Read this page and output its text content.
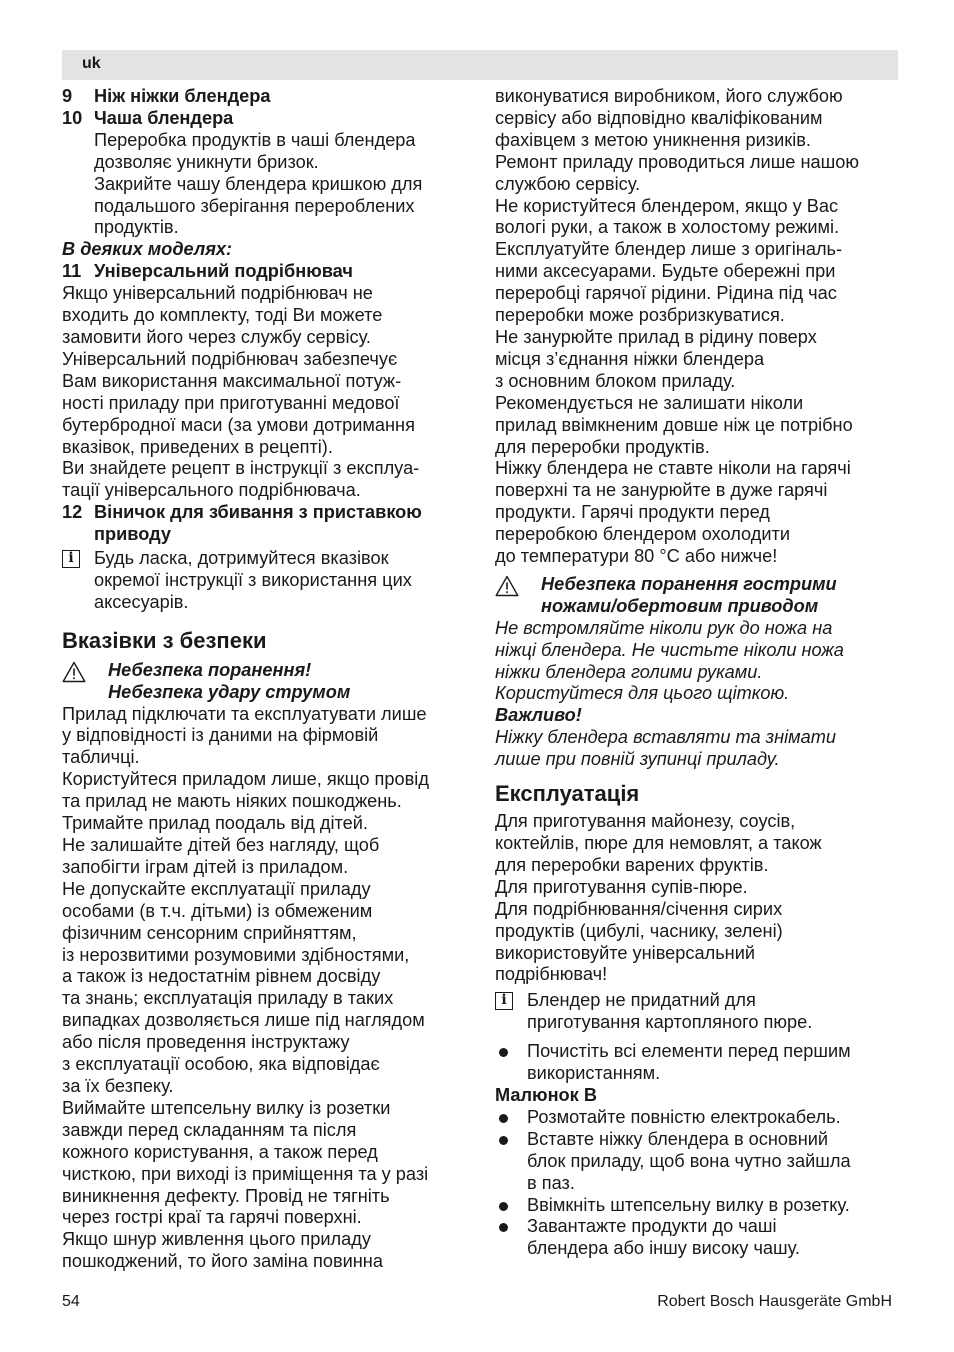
uk
9 Ніж ніжки блендера
10 Чаша блендера
Переробка продуктів в чаші блендера
дозволяє уникнути бризок.
Закрийте чашу блендера кришкою для
подальшого зберігання перероблених
продуктів.
В деяких моделях:
11 Універсальний подрібнювач
Якщо універсальний подрібнювач не
входить до комплекту, тоді Ви можете
замовити його через службу сервісу.
Універсальний подрібнювач забезпечує
Вам використання максимальної потуж-
ності приладу при приготуванні медової
бутербродної маси (за умови дотримання
вказівок, приведених в рецепті).
Ви знайдете рецепт в інструкції з експлуа-
тації універсального подрібнювача.
12 Віничок для збивання з приставкою
приводу
i	Будь ласка, дотримуйтеся вказівок
окремої інструкції з використання цих
аксесуарів.
Вказівки з безпеки
Небезпека поранення!
Небезпека удару струмом
Прилад підключати та експлуатувати лише
у відповідності із даними на фірмовій
табличці.
Користуйтеся приладом лише, якщо провід
та прилад не мають ніяких пошкоджень.
Тримайте прилад поодаль від дітей.
Не залишайте дітей без нагляду, щоб
запобігти іграм дітей із приладом.
Не допускайте експлуатації приладу
особами (в т.ч. дітьми) із обмеженим
фізичним сенсорним сприйняттям,
із нерозвитими розумовими здібностями,
а також із недостатнім рівнем досвіду
та знань; експлуатація приладу в таких
випадках дозволяється лише під наглядом
або після проведення інструктажу
з експлуатації особою, яка відповідає
за їх безпеку.
Виймайте штепсельну вилку із розетки
завжди перед складанням та після
кожного користування, а також перед
чисткою, при виході із приміщення та у разі
виникнення дефекту. Провід не тягніть
через гострі краї та гарячі поверхні.
Якщо шнур живлення цього приладу
пошкоджений, то його заміна повинна
виконуватися виробником, його службою
сервісу або відповідно кваліфікованим
фахівцем з метою уникнення ризиків.
Ремонт приладу проводиться лише нашою
службою сервісу.
Не користуйтеся блендером, якщо у Вас
вологі руки, а також в холостому режимі.
Експлуатуйте блендер лише з оригіналь-
ними аксесуарами. Будьте обережні при
переробці гарячої рідини. Рідина під час
переробки може розбризкуватися.
Не занурюйте прилад в рідину поверх
місця з’єднання ніжки блендера
з основним блоком приладу.
Рекомендується не залишати ніколи
прилад ввімкненим довше ніж це потрібно
для переробки продуктів.
Ніжку блендера не ставте ніколи на гарячі
поверхні та не занурюйте в дуже гарячі
продукти. Гарячі продукти перед
переробкою блендером охолодити
до температури 80 °C або нижче!
Небезпека поранення гострими
ножами/обертовим приводом
Не встромляйте ніколи рук до ножа на
ніжці блендера. Не чистьте ніколи ножа
ніжки блендера голими руками.
Користуйтеся для цього щіткою.
Важливо!
Ніжку блендера вставляти та знімати
лише при повній зупинці приладу.
Експлуатація
Для приготування майонезу, соусів,
коктейлів, пюре для немовлят, а також
для переробки варених фруктів.
Для приготування супів-пюре.
Для подрібнювання/січення сирих
продуктів (цибулі, часнику, зелені)
використовуйте універсальний
подрібнювач!
i	Блендер не придатний для
приготування картопляного пюре.
Почистіть всі елементи перед першим
використанням.
Малюнок B
Розмотайте повністю електрокабель.
Вставте ніжку блендера в основний
блок приладу, щоб вона чутно зайшла
в паз.
Ввімкніть штепсельну вилку в розетку.
Завантажте продукти до чаші
блендера або іншу високу чашу.
54	Robert Bosch Hausgeräte GmbH
